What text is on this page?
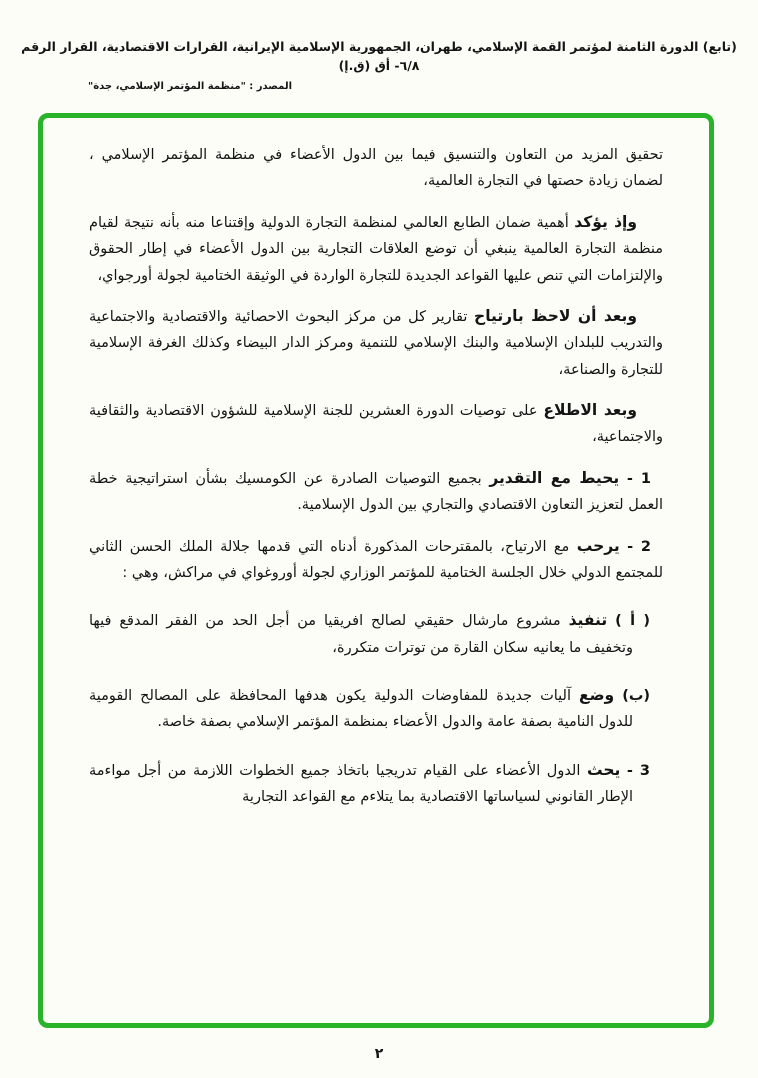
(تابع) الدورة الثامنة لمؤتمر القمة الإسلامي، طهران، الجمهورية الإسلامية الإيرانية، القرارات الاقتصادية، القرار الرقم ٦/٨- أق (ق.إ)
المصدر : "منظمة المؤتمر الإسلامي، جدة"

تحقيق المزيد من التعاون والتنسيق فيما بين الدول الأعضاء في منظمة المؤتمر الإسلامي ، لضمان زيادة حصتها في التجارة العالمية،

وإذ يؤكد أهمية ضمان الطابع العالمي لمنظمة التجارة الدولية وإقتناعا منه بأنه نتيجة لقيام منظمة التجارة العالمية ينبغي أن توضع العلاقات التجارية بين الدول الأعضاء في إطار الحقوق والإلتزامات التي تنص عليها القواعد الجديدة للتجارة الواردة في الوثيقة الختامية لجولة أورجواي،

وبعد أن لاحظ بارتياح تقارير كل من مركز البحوث الاحصائية والاقتصادية والاجتماعية والتدريب للبلدان الإسلامية والبنك الإسلامي للتنمية ومركز الدار البيضاء وكذلك الغرفة الإسلامية للتجارة والصناعة،

وبعد الاطلاع على توصيات الدورة العشرين للجنة الإسلامية للشؤون الاقتصادية والثقافية والاجتماعية،

1 - يحيط مع التقدير بجميع التوصيات الصادرة عن الكومسيك بشأن استراتيجية خطة العمل لتعزيز التعاون الاقتصادي والتجاري بين الدول الإسلامية.

2 - يرحب مع الارتياح، بالمقترحات المذكورة أدناه التي قدمها جلالة الملك الحسن الثاني للمجتمع الدولي خلال الجلسة الختامية للمؤتمر الوزاري لجولة أوروغواي في مراكش، وهي :

( أ ) تنفيذ مشروع مارشال حقيقي لصالح افريقيا من أجل الحد من الفقر المدقع فيها وتخفيف ما يعانيه سكان القارة من توترات متكررة،

(ب) وضع آليات جديدة للمفاوضات الدولية يكون هدفها المحافظة على المصالح القومية للدول النامية بصفة عامة والدول الأعضاء بمنظمة المؤتمر الإسلامي بصفة خاصة.

3 - يحث الدول الأعضاء على القيام تدريجيا باتخاذ جميع الخطوات اللازمة من أجل مواءمة الإطار القانوني لسياساتها الاقتصادية بما يتلاءم مع القواعد التجارية

٢
